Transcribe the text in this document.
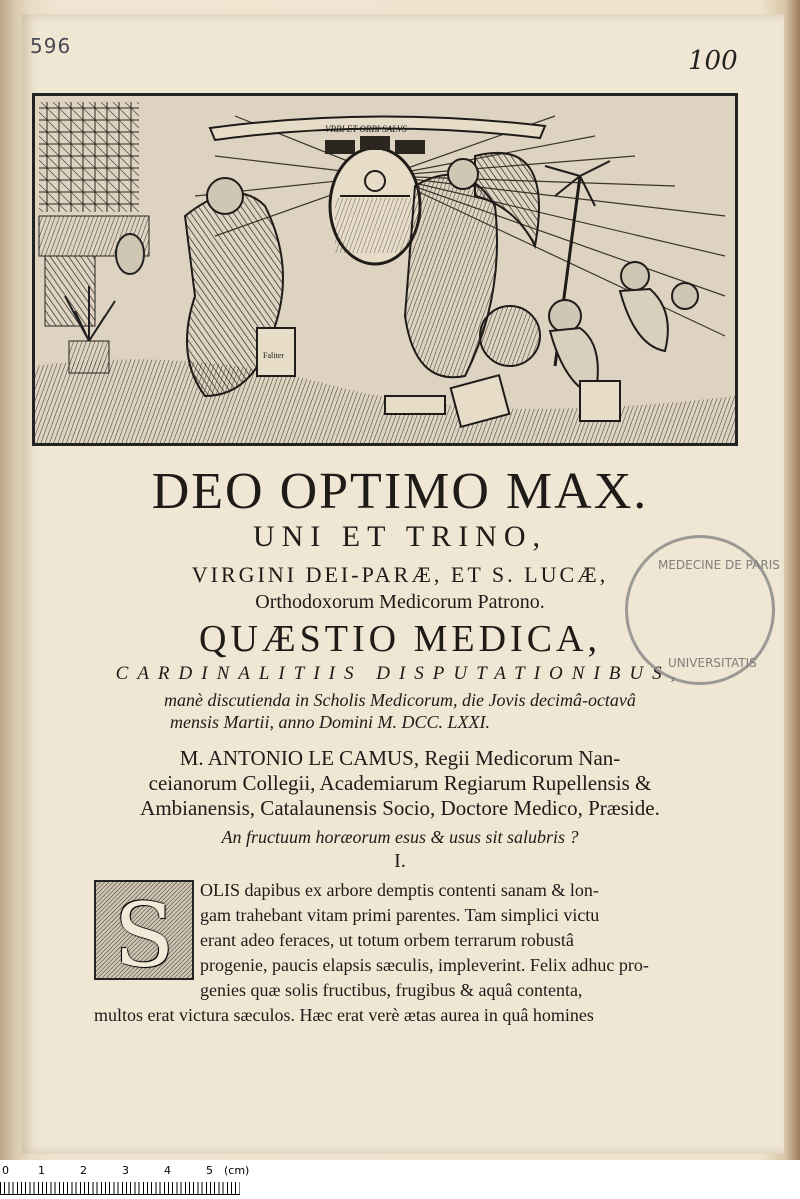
596	100
Faliter
VRBI ET ORBI SALVS
DEO OPTIMO MAX.
UNI ET TRINO,
VIRGINI DEI-PARÆ, ET S. LUCÆ,
Orthodoxorum Medicorum Patrono.
QUÆSTIO MEDICA,
CARDINALITIIS DISPUTATIONIBUS,
manè discutienda in Scholis Medicorum, die Jovis decimâ-octavâ
mensis Martii, anno Domini M. DCC. LXXI.
M. ANTONIO LE CAMUS, Regii Medicorum Nan-
ceianorum Collegii, Academiarum Regiarum Rupellensis &
Ambianensis, Catalaunensis Socio, Doctore Medico, Præside.
An fructuum horæorum esus & usus sit salubris ?
I.
S	OLIS dapibus ex arbore demptis contenti sanam & lon-
gam trahebant vitam primi parentes. Tam simplici victu
erant adeo feraces, ut totum orbem terrarum robustâ
progenie, paucis elapsis sæculis, impleverint. Felix adhuc pro-
genies quæ solis fructibus, frugibus & aquâ contenta,
multos erat victura sæculos. Hæc erat verè ætas aurea in quâ homines
MEDECINE DE PARIS
UNIVERSITATIS
0	1	2	3	4	5 (cm)
